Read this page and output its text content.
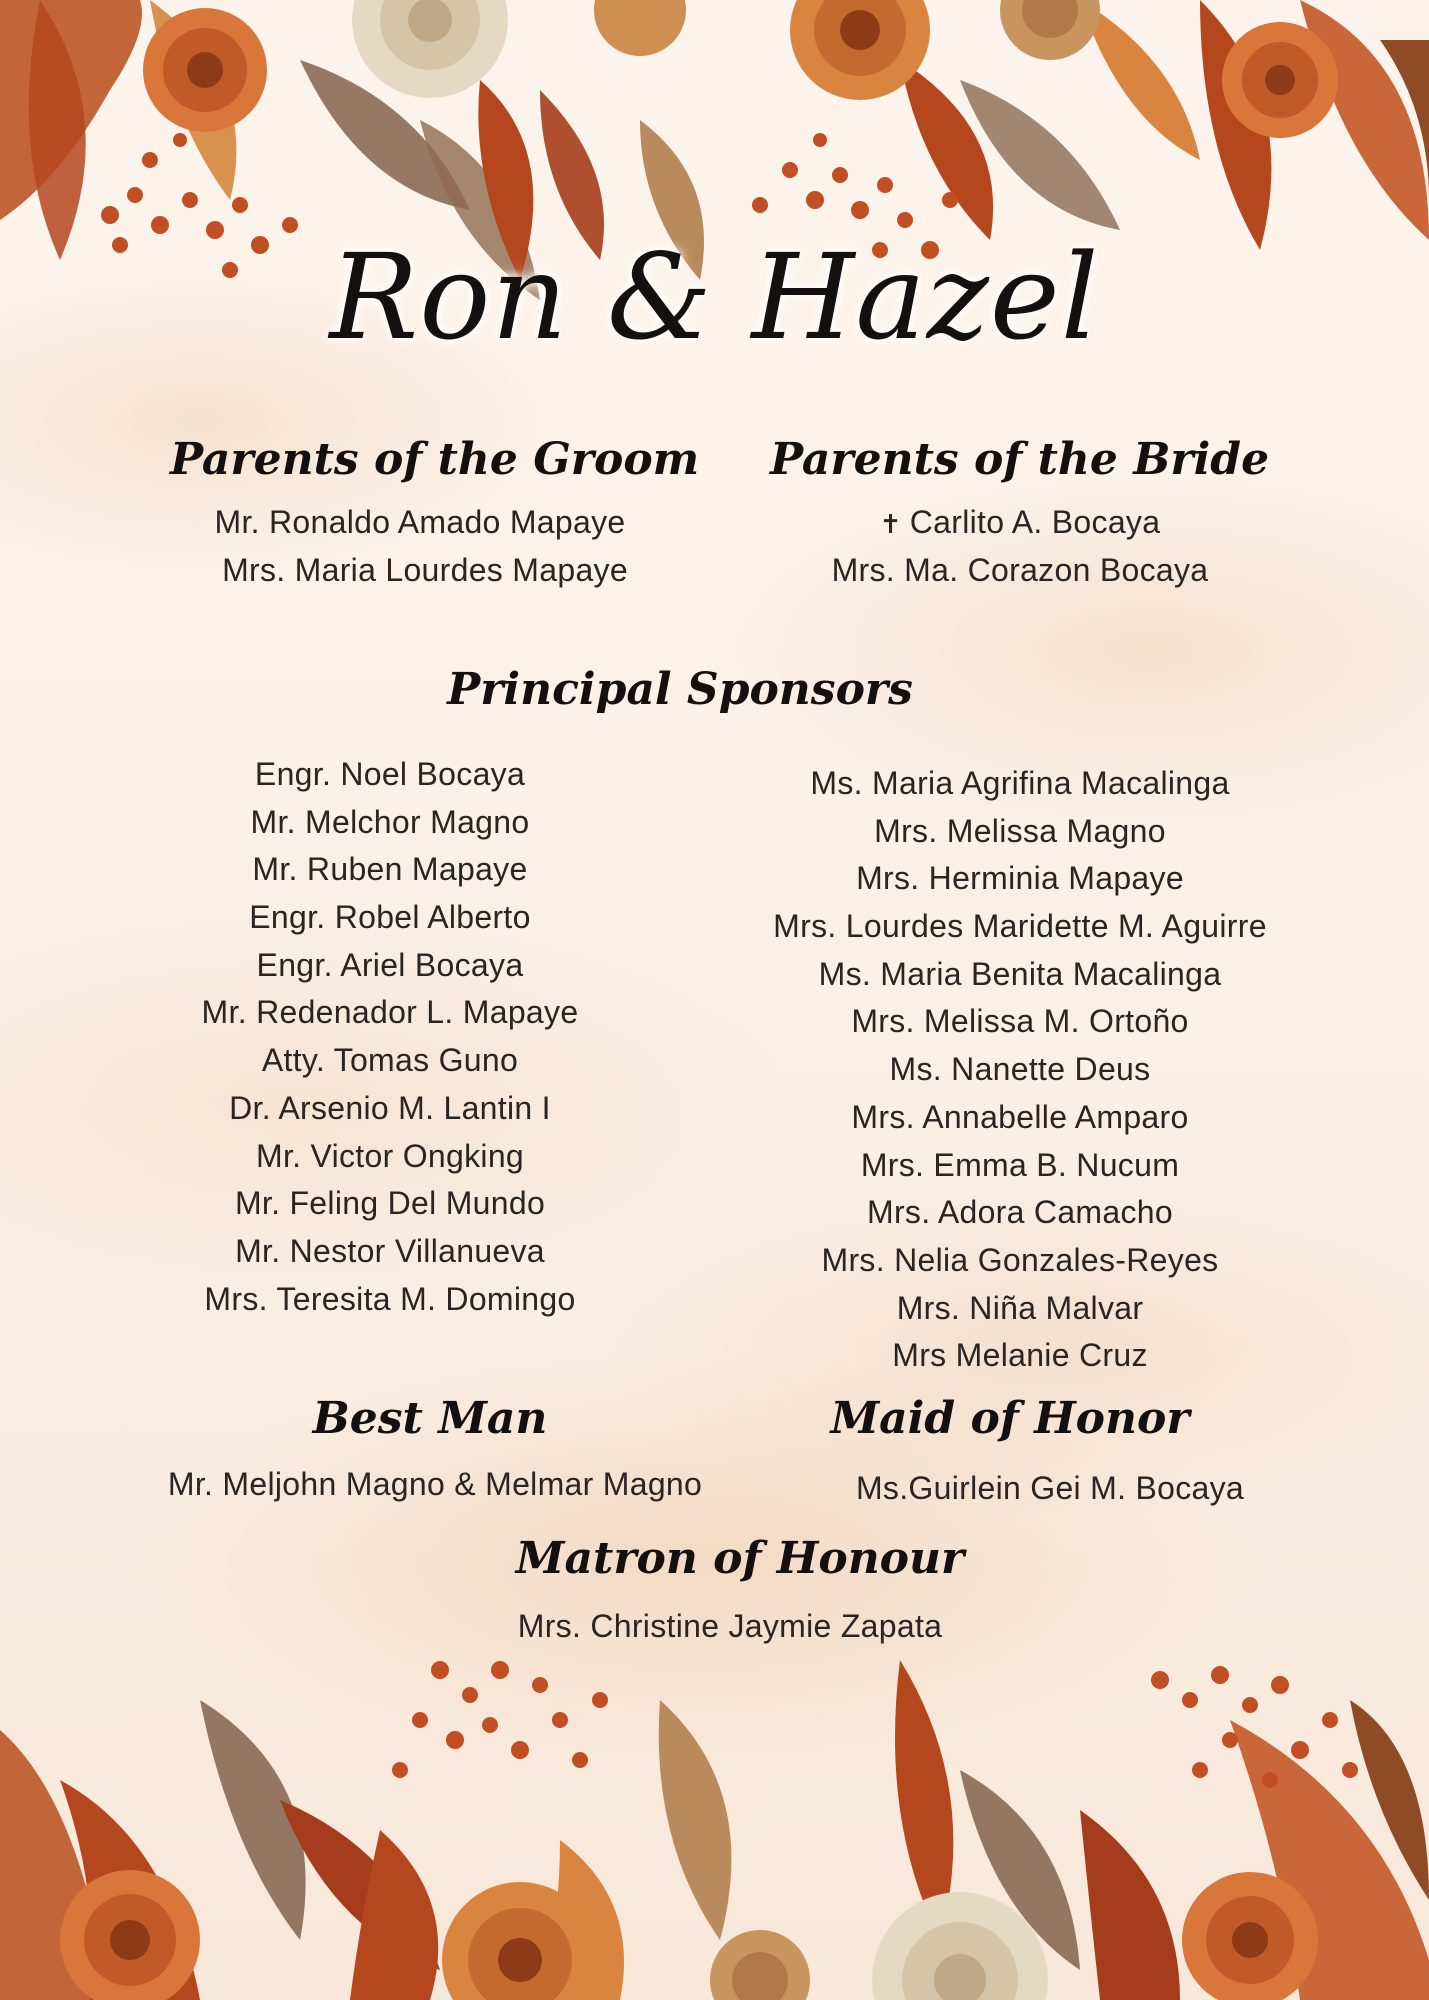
Ron & Hazel
Parents of the Groom
Mr. Ronaldo Amado Mapaye
Mrs. Maria Lourdes Mapaye
Parents of the Bride
✝ Carlito A. Bocaya
Mrs. Ma. Corazon Bocaya
Principal Sponsors
Engr. Noel Bocaya
Mr. Melchor Magno
Mr. Ruben Mapaye
Engr. Robel Alberto
Engr. Ariel Bocaya
Mr. Redenador L. Mapaye
Atty. Tomas Guno
Dr. Arsenio M. Lantin I
Mr. Victor Ongking
Mr. Feling Del Mundo
Mr. Nestor Villanueva
Mrs. Teresita M. Domingo
Ms. Maria Agrifina Macalinga
Mrs. Melissa Magno
Mrs. Herminia Mapaye
Mrs. Lourdes Maridette M. Aguirre
Ms. Maria Benita Macalinga
Mrs. Melissa M. Ortoño
Ms. Nanette Deus
Mrs. Annabelle Amparo
Mrs. Emma B. Nucum
Mrs. Adora Camacho
Mrs. Nelia Gonzales-Reyes
Mrs. Niña Malvar
Mrs Melanie Cruz
Best Man
Mr. Meljohn Magno & Melmar Magno
Maid of Honor
Ms.Guirlein Gei M. Bocaya
Matron of Honour
Mrs. Christine Jaymie Zapata
